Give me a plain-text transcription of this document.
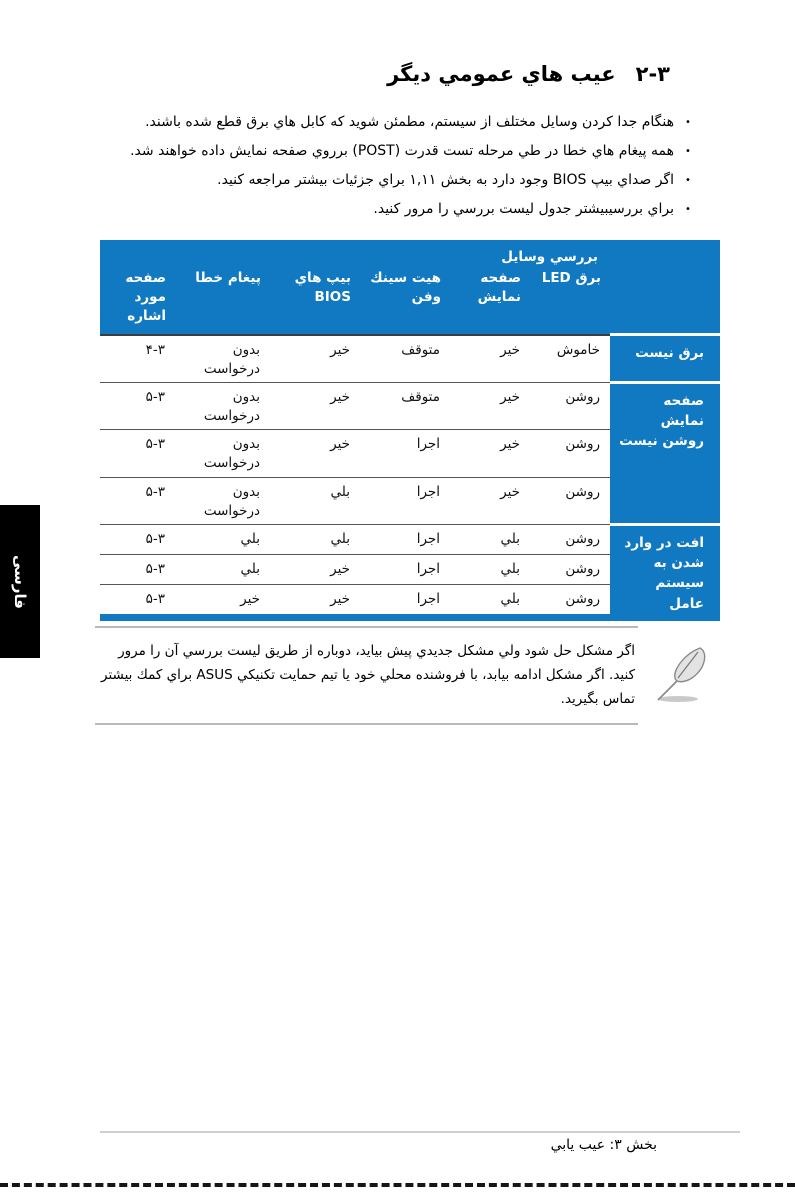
۲-۳
عيب هاي عمومي ديگر
•
هنگام جدا كردن وسايل مختلف از سيستم، مطمئن شويد كه كابل هاي برق قطع شده باشند.
•
همه پيغام هاي خطا در طي مرحله تست قدرت (POST) برروي صفحه نمايش داده خواهند شد.
•
اگر صداي بيپ BIOS وجود دارد به بخش ۱,۱۱ براي جزئيات بيشتر مراجعه كنيد.
•
براي بررسيبيشتر جدول ليست بررسي را مرور كنيد.
	بررسي وسايل					
	برق LED	صفحه نمايش	هيت سينك وفن	بيپ هاي BIOS	پيغام خطا	صفحه مورد اشاره
برق نيست	خاموش	خير	متوقف	خير	بدون درخواست	۴-۳
صفحه نمايش روشن نيست	روشن	خير	متوقف	خير	بدون درخواست	۵-۳
	روشن	خير	اجرا	خير	بدون درخواست	۵-۳
	روشن	خير	اجرا	بلي	بدون درخواست	۵-۳
افت در وارد شدن به سيستم عامل	روشن	بلي	اجرا	بلي	بلي	۵-۳
	روشن	بلي	اجرا	خير	بلي	۵-۳
	روشن	بلي	اجرا	خير	خير	۵-۳

اگر مشكل حل شود ولي مشكل جديدي پيش بيايد، دوباره از طريق ليست بررسي آن را مرور كنيد. اگر مشكل ادامه بيابد، با فروشنده محلي خود يا تيم حمايت تكنيكي ASUS براي كمك بيشتر تماس بگيريد.

فارسی
بخش ۳: عيب يابي
